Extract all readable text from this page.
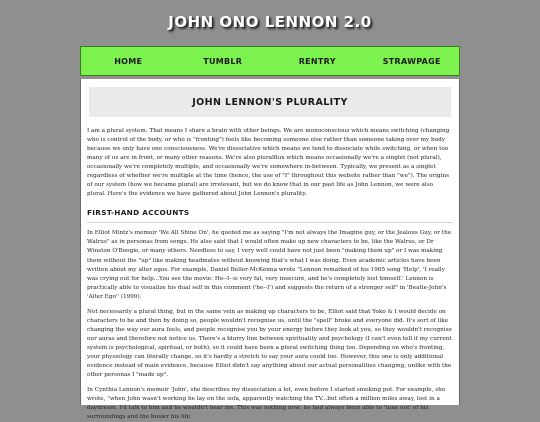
JOHN ONO LENNON 2.0
HOME	TUMBLR	RENTRY	STRAWPAGE
JOHN LENNON'S PLURALITY

I am a plural system. That means I share a brain with other beings. We are monoconscious which means switching (changing who is control of the body, or who is "fronting") feels like becoming someone else rather than someone taking over my body because we only have one consciousness. We're dissociative which means we tend to dissociate while switching, or when too many of us are in front, or many other reasons. We're also pluralflux which means occasionally we're a singlet (not plural), occasionally we're completely multiple, and occasionally we're somewhere in-between. Typically, we present as a singlet regardless of whether we're multiple at the time (hence, the use of "I" throughout this website rather than "we"). The origins of our system (how we became plural) are irrelevant, but we do know that in our past life as John Lennon, we were also plural. Here's the evidence we have gathered about John Lennon's plurality.

FIRST-HAND ACCOUNTS

In Elliot Mintz's memoir 'We All Shine On', he quoted me as saying "I'm not always the Imagine guy, or the Jealous Guy, or the Walrus" as in personas from songs. He also said that I would often make up new characters to be, like the Walrus, or Dr Winston O'Boogie, or many others. Needless to say, I very well could have not just been "making them up" or I was making them without the "up" like making headmates without knowing that's what I was doing. Even academic articles have been written about my alter egos. For example, Daniel Beller-McKenna wrote "Lennon remarked of his 1965 song 'Help', 'I really was crying out for help...You see the movie: He--I--is very fat, very insecure, and he's completely lost himself.' Lennon is practically able to visualize his dual self in this comment ('he--I') and suggests the return of a stronger self" in 'Beatle-John's 'Alter Ego'' (1999).

Not necessarily a plural thing, but in the same vein as making up characters to be, Elliot said that Yoko & I would decide on characters to be and then by doing so, people wouldn't recognise us, until the "spell" broke and everyone did. It's sort of like changing the way our aura feels, and people recognise you by your energy before they look at you, so they wouldn't recognise our auras and therefore not notice us. There's a blurry line between spirituality and psychology (I can't even tell if my current system is psychological, spiritual, or both), so it could have been a plural switching thing too. Depending on who's fronting, your physiology can literally change, so it's hardly a stretch to say your aura could too. However, this one is only additional evidence instead of main evidence, because Elliot didn't say anything about our actual personalities changing, unlike with the other personas I "made up".

In Cynthia Lennon's memoir 'John', she describes my dissociation a lot, even before I started smoking pot. For example, she wrote, "when John wasn't working he lay on the sofa, apparently watching the TV...but often a million miles away, lost in a daydream. I'd talk to him and he wouldn't hear me. This was nothing new: he had always been able to 'tune out' of his surroundings and the busier his life
